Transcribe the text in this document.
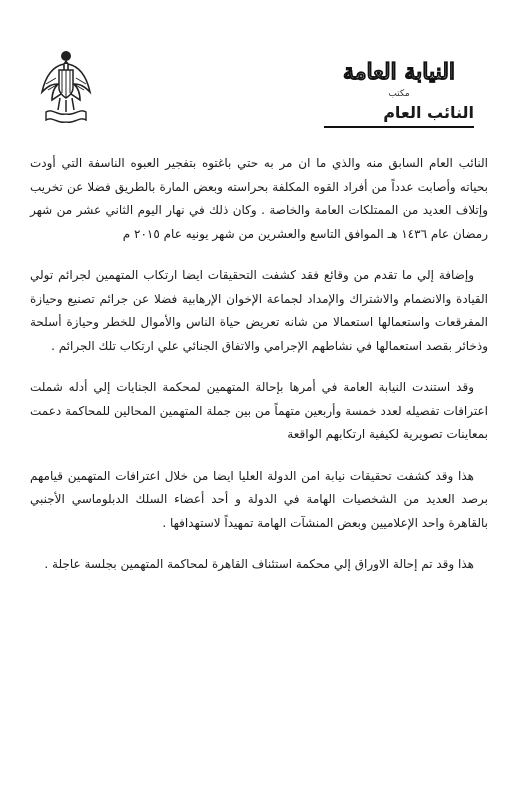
النيابة العامة
مكتب
النائب العام

النائب العام السابق منه والذي ما ان مر به حتي باغتوه بتفجير العبوه الناسفة التي أودت بحياته وأصابت عدداً من أفراد القوه المكلفة بحراسته وبعض المارة بالطريق فضلا عن تخريب وإتلاف العديد من الممتلكات العامة والخاصة . وكان ذلك في نهار اليوم الثاني عشر من شهر رمضان عام ١٤٣٦ هـ الموافق التاسع والعشرين من شهر يونيه عام ٢٠١٥ م

وإضافة إلي ما تقدم من وقائع فقد كشفت التحقيقات ايضا ارتكاب المتهمين لجرائم تولي القيادة والانضمام والاشتراك والإمداد لجماعة الإخوان الإرهابية فضلا عن جرائم تصنيع وحيازة المفرقعات واستعمالها استعمالا من شانه تعريض حياة الناس والأموال للخطر وحيازة أسلحة وذخائر بقصد استعمالها في نشاطهم الإجرامي والاتفاق الجنائي علي ارتكاب تلك الجرائم .

وقد استندت النيابة العامة في أمرها بإحالة المتهمين لمحكمة الجنايات إلي أدله شملت اعترافات تفصيله لعدد خمسة وأربعين متهماً من بين جملة المتهمين المحالين للمحاكمة دعمت بمعاينات تصويرية لكيفية ارتكابهم الواقعة

هذا وقد كشفت تحقيقات نيابة امن الدولة العليا ايضا من خلال اعترافات المتهمين قيامهم برصد العديد من الشخصيات الهامة في الدولة و أحد أعضاء السلك الدبلوماسي الأجنبي بالقاهرة واحد الإعلاميين وبعض المنشآت الهامة تمهيداً لاستهدافها .

هذا وقد تم إحالة الاوراق إلي محكمة استئناف القاهرة لمحاكمة المتهمين بجلسة عاجلة .
